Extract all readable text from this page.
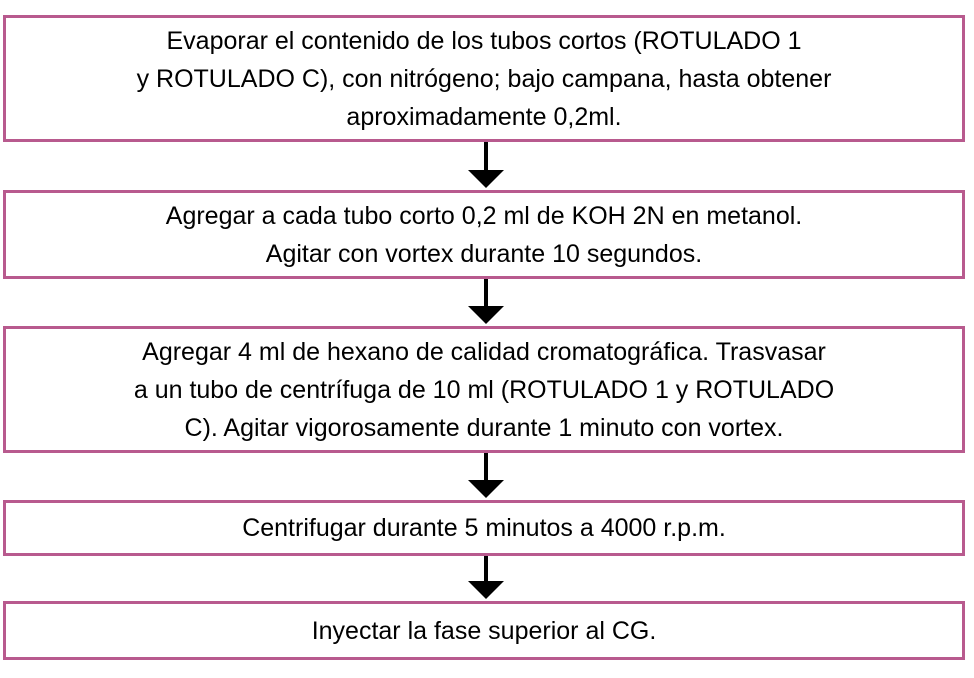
Evaporar el contenido de los tubos cortos (ROTULADO 1
y ROTULADO C), con nitrógeno; bajo campana, hasta obtener
aproximadamente 0,2ml.
Agregar a cada tubo corto 0,2 ml de KOH 2N en metanol.
Agitar con vortex durante 10 segundos.
Agregar 4 ml de hexano de calidad cromatográfica. Trasvasar
a un tubo de centrífuga de 10 ml (ROTULADO 1 y ROTULADO
C). Agitar vigorosamente durante 1 minuto con vortex.
Centrifugar durante 5 minutos a 4000 r.p.m.
Inyectar la fase superior al CG.
